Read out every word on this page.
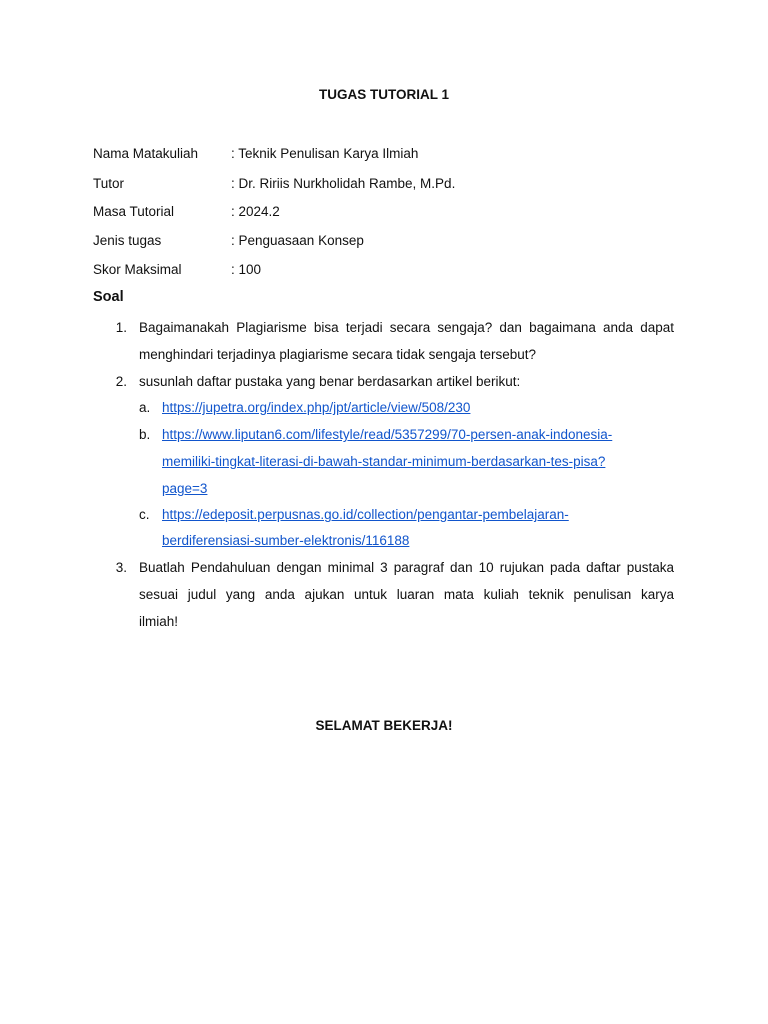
TUGAS TUTORIAL 1
Nama Matakuliah	: Teknik Penulisan Karya Ilmiah
Tutor	: Dr. Ririis Nurkholidah Rambe, M.Pd.
Masa Tutorial	: 2024.2
Jenis tugas	: Penguasaan Konsep
Skor Maksimal	: 100
Soal
1. Bagaimanakah Plagiarisme bisa terjadi secara sengaja? dan bagaimana anda dapat
menghindari terjadinya plagiarisme secara tidak sengaja tersebut?
2. susunlah daftar pustaka yang benar berdasarkan artikel berikut:
a. https://jupetra.org/index.php/jpt/article/view/508/230
b. https://www.liputan6.com/lifestyle/read/5357299/70-persen-anak-indonesia-
memiliki-tingkat-literasi-di-bawah-standar-minimum-berdasarkan-tes-pisa?
page=3
c. https://edeposit.perpusnas.go.id/collection/pengantar-pembelajaran-
berdiferensiasi-sumber-elektronis/116188
3. Buatlah Pendahuluan dengan minimal 3 paragraf dan 10 rujukan pada daftar pustaka
sesuai judul yang anda ajukan untuk luaran mata kuliah teknik penulisan karya
ilmiah!
SELAMAT BEKERJA!
